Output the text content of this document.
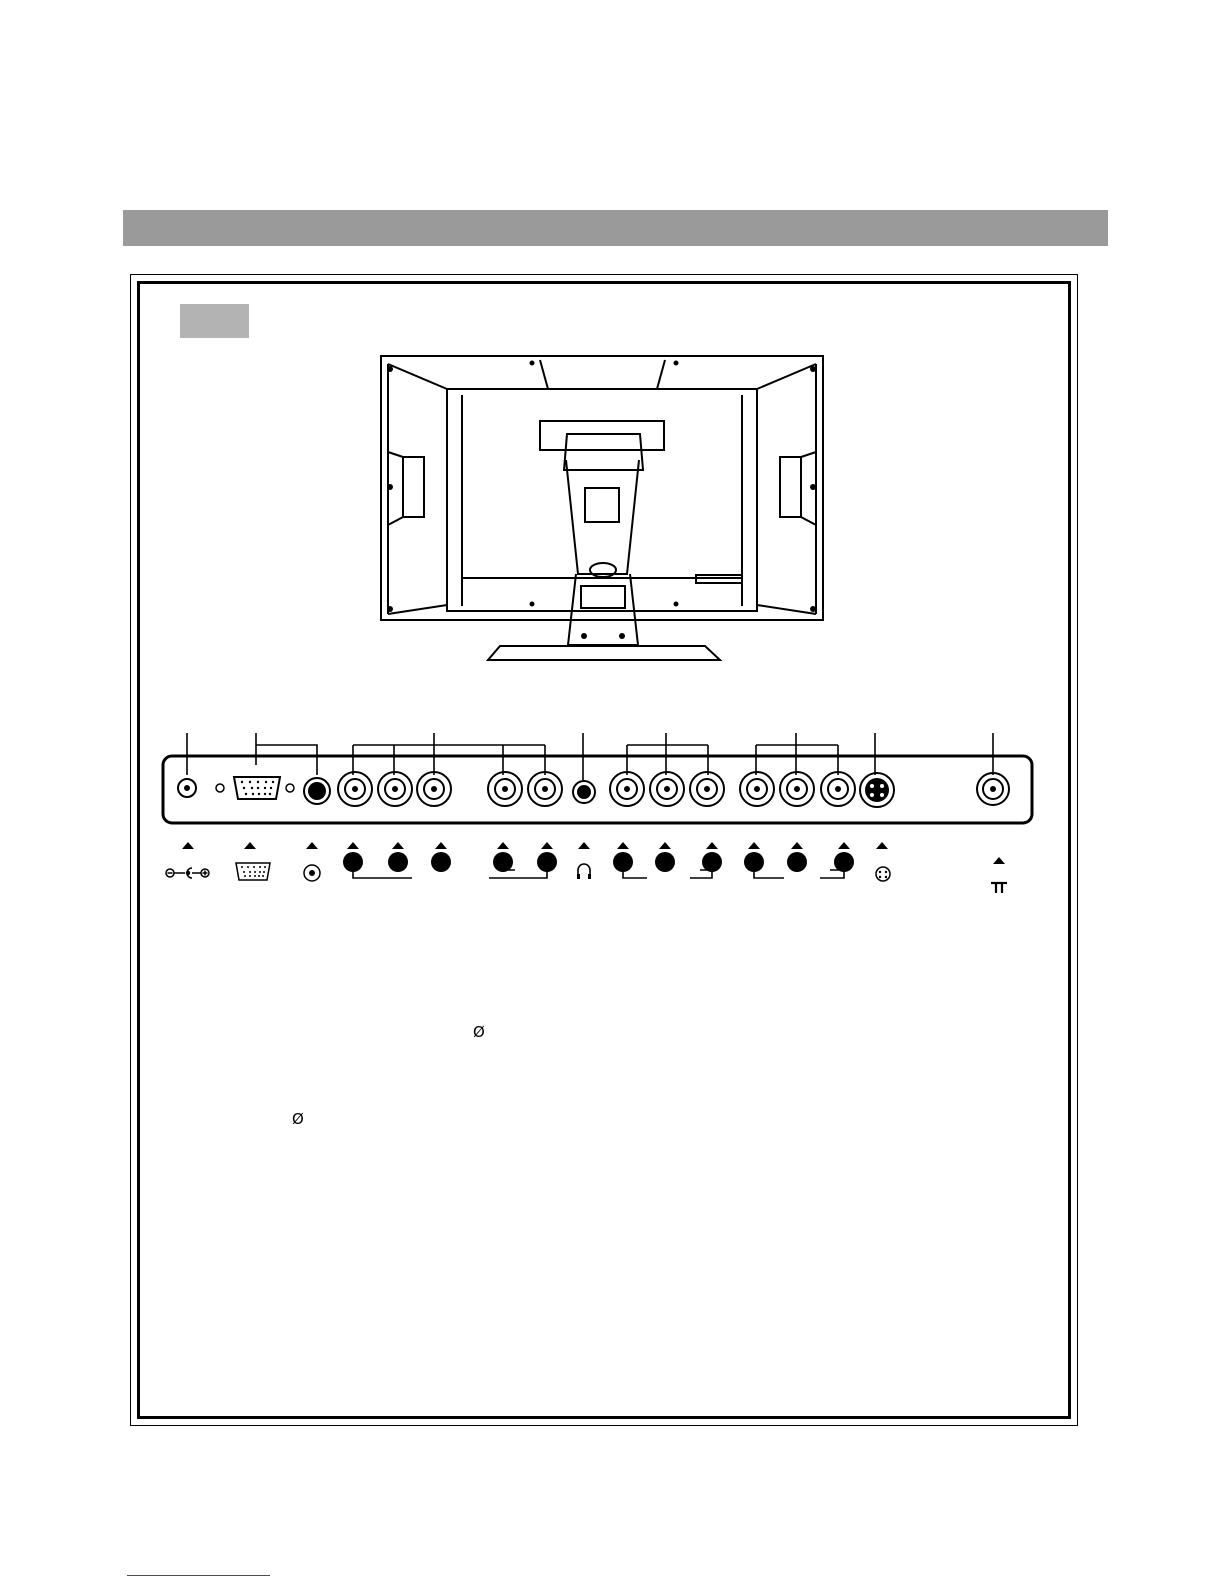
Ø
Ø
